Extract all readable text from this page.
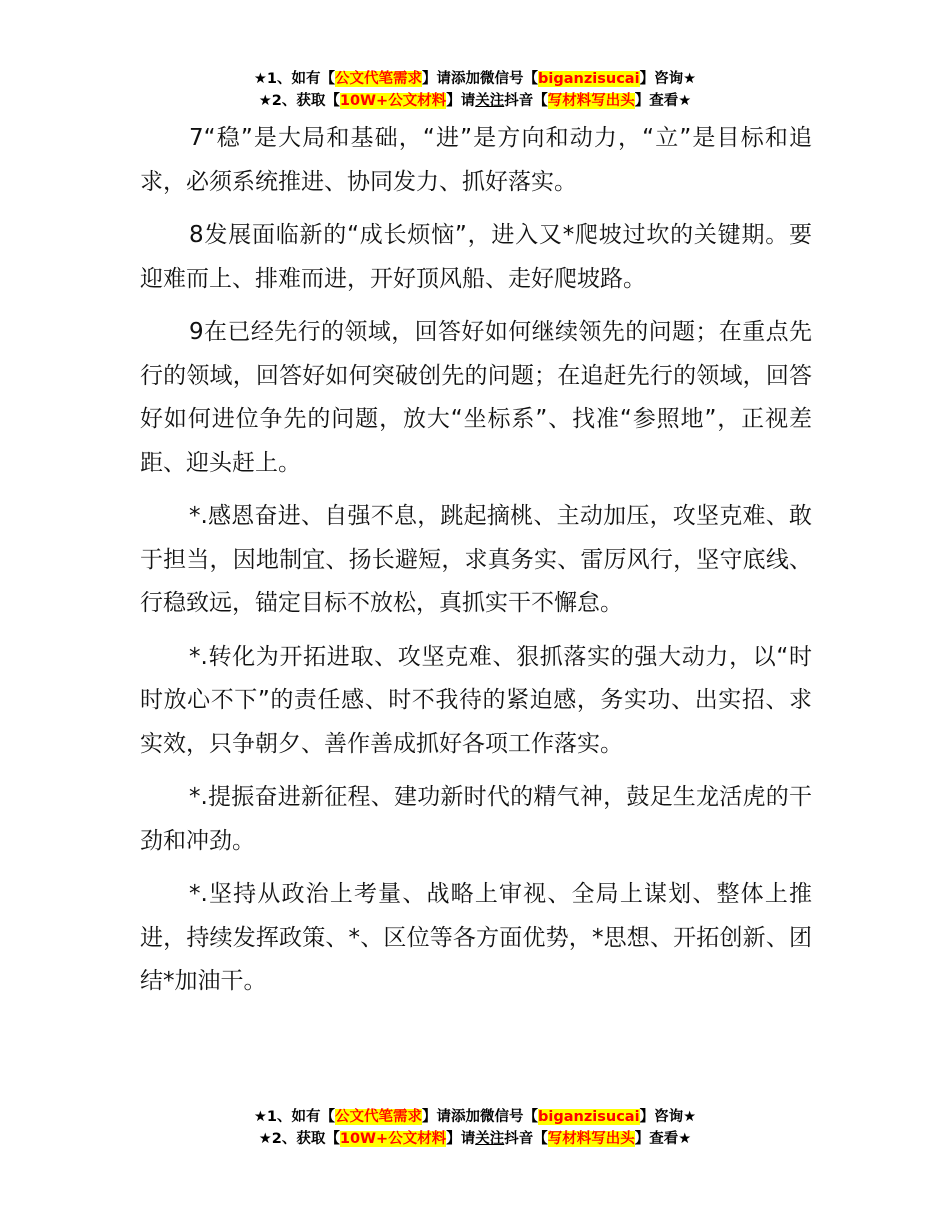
★1、如有【公文代笔需求】请添加微信号【biganzisucai】咨询★
★2、获取【10W+公文材料】请关注抖音【写材料写出头】查看★

7“稳”是大局和基础，“进”是方向和动力，“立”是目标和追求，必须系统推进、协同发力、抓好落实。

8发展面临新的“成长烦恼”，进入又*爬坡过坎的关键期。要迎难而上、排难而进，开好顶风船、走好爬坡路。

9在已经先行的领域，回答好如何继续领先的问题；在重点先行的领域，回答好如何突破创先的问题；在追赶先行的领域，回答好如何进位争先的问题，放大“坐标系”、找准“参照地”，正视差距、迎头赶上。

*.感恩奋进、自强不息，跳起摘桃、主动加压，攻坚克难、敢于担当，因地制宜、扬长避短，求真务实、雷厉风行，坚守底线、行稳致远，锚定目标不放松，真抓实干不懈怠。

*.转化为开拓进取、攻坚克难、狠抓落实的强大动力，以“时时放心不下”的责任感、时不我待的紧迫感，务实功、出实招、求实效，只争朝夕、善作善成抓好各项工作落实。

*.提振奋进新征程、建功新时代的精气神，鼓足生龙活虎的干劲和冲劲。

*.坚持从政治上考量、战略上审视、全局上谋划、整体上推进，持续发挥政策、*、区位等各方面优势，*思想、开拓创新、团结*加油干。

★1、如有【公文代笔需求】请添加微信号【biganzisucai】咨询★
★2、获取【10W+公文材料】请关注抖音【写材料写出头】查看★
